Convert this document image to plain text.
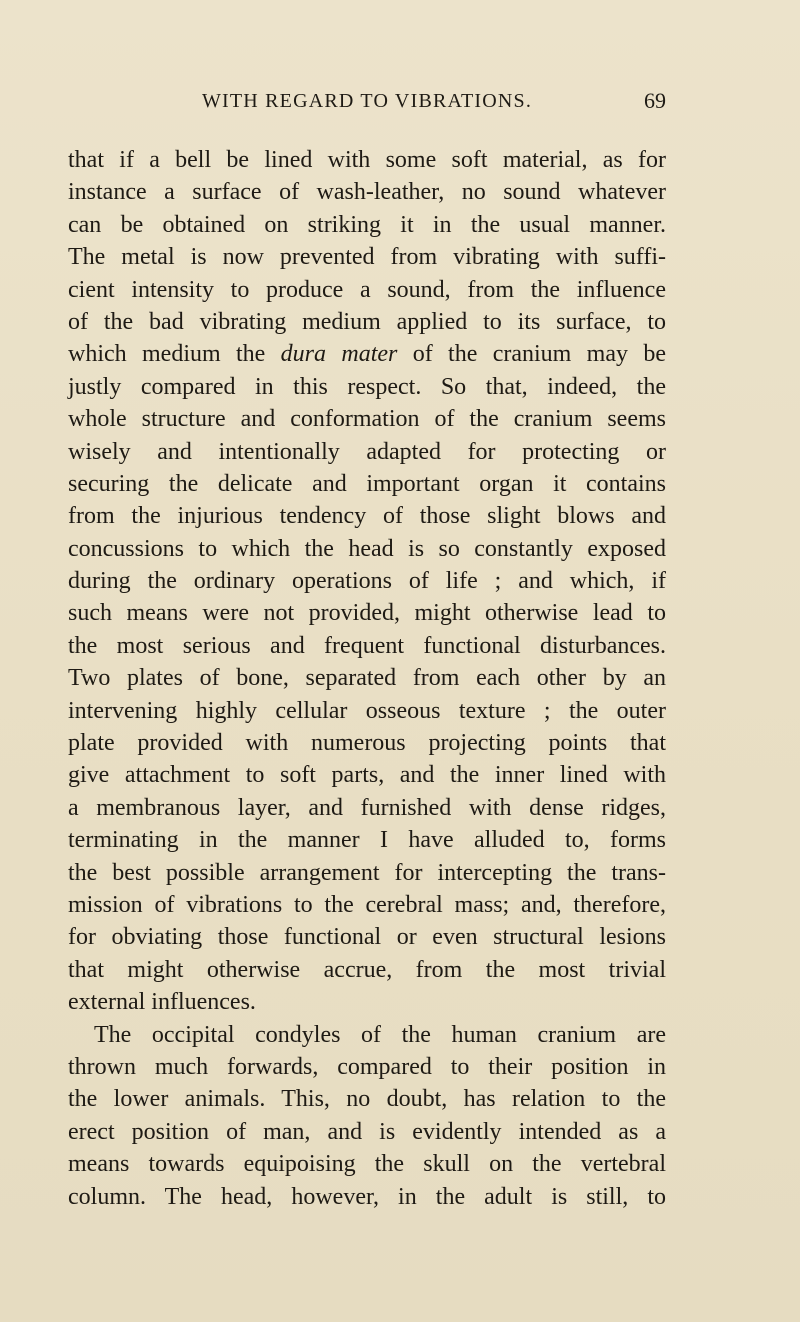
WITH REGARD TO VIBRATIONS.	69
that if a bell be lined with some soft material, as for
instance a surface of wash-leather, no sound whatever
can be obtained on striking it in the usual manner.
The metal is now prevented from vibrating with suffi-
cient intensity to produce a sound, from the influence
of the bad vibrating medium applied to its surface, to
which medium the dura mater of the cranium may be
justly compared in this respect. So that, indeed, the
whole structure and conformation of the cranium seems
wisely and intentionally adapted for protecting or
securing the delicate and important organ it contains
from the injurious tendency of those slight blows and
concussions to which the head is so constantly exposed
during the ordinary operations of life ; and which, if
such means were not provided, might otherwise lead to
the most serious and frequent functional disturbances.
Two plates of bone, separated from each other by an
intervening highly cellular osseous texture ; the outer
plate provided with numerous projecting points that
give attachment to soft parts, and the inner lined with
a membranous layer, and furnished with dense ridges,
terminating in the manner I have alluded to, forms
the best possible arrangement for intercepting the trans-
mission of vibrations to the cerebral mass; and, therefore,
for obviating those functional or even structural lesions
that might otherwise accrue, from the most trivial
external influences.
The occipital condyles of the human cranium are
thrown much forwards, compared to their position in
the lower animals. This, no doubt, has relation to the
erect position of man, and is evidently intended as a
means towards equipoising the skull on the vertebral
column. The head, however, in the adult is still, to
